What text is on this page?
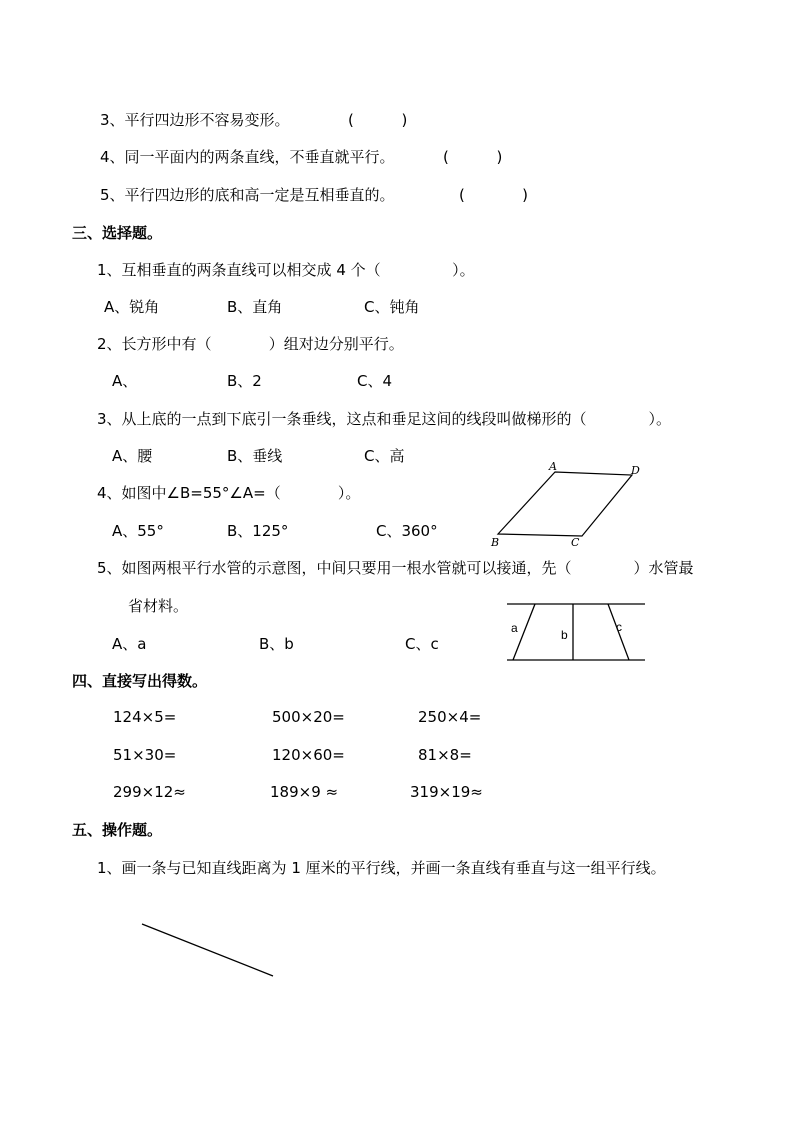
3、平行四边形不容易变形。	(          )
4、同一平面内的两条直线，不垂直就平行。	(          )
5、平行四边形的底和高一定是互相垂直的。	(            )
三、选择题。
1、互相垂直的两条直线可以相交成 4 个（               ）。
A、锐角	B、直角	C、钝角
2、长方形中有（            ）组对边分别平行。
A、	B、2	C、4
3、从上底的一点到下底引一条垂线，这点和垂足这间的线段叫做梯形的（             ）。
A、腰	B、垂线	C、高
4、如图中∠B=55°∠A=（            ）。
A、55°	B、125°	C、360°
A	D
B	C
5、如图两根平行水管的示意图，中间只要用一根水管就可以接通，先（             ）水管最
省材料。
A、a	B、b	C、c
a	b
c
四、直接写出得数。
124×5=	500×20=	250×4=
51×30=	120×60=	81×8=
299×12≈	189×9 ≈	319×19≈
五、操作题。
1、画一条与已知直线距离为 1 厘米的平行线，并画一条直线有垂直与这一组平行线。
